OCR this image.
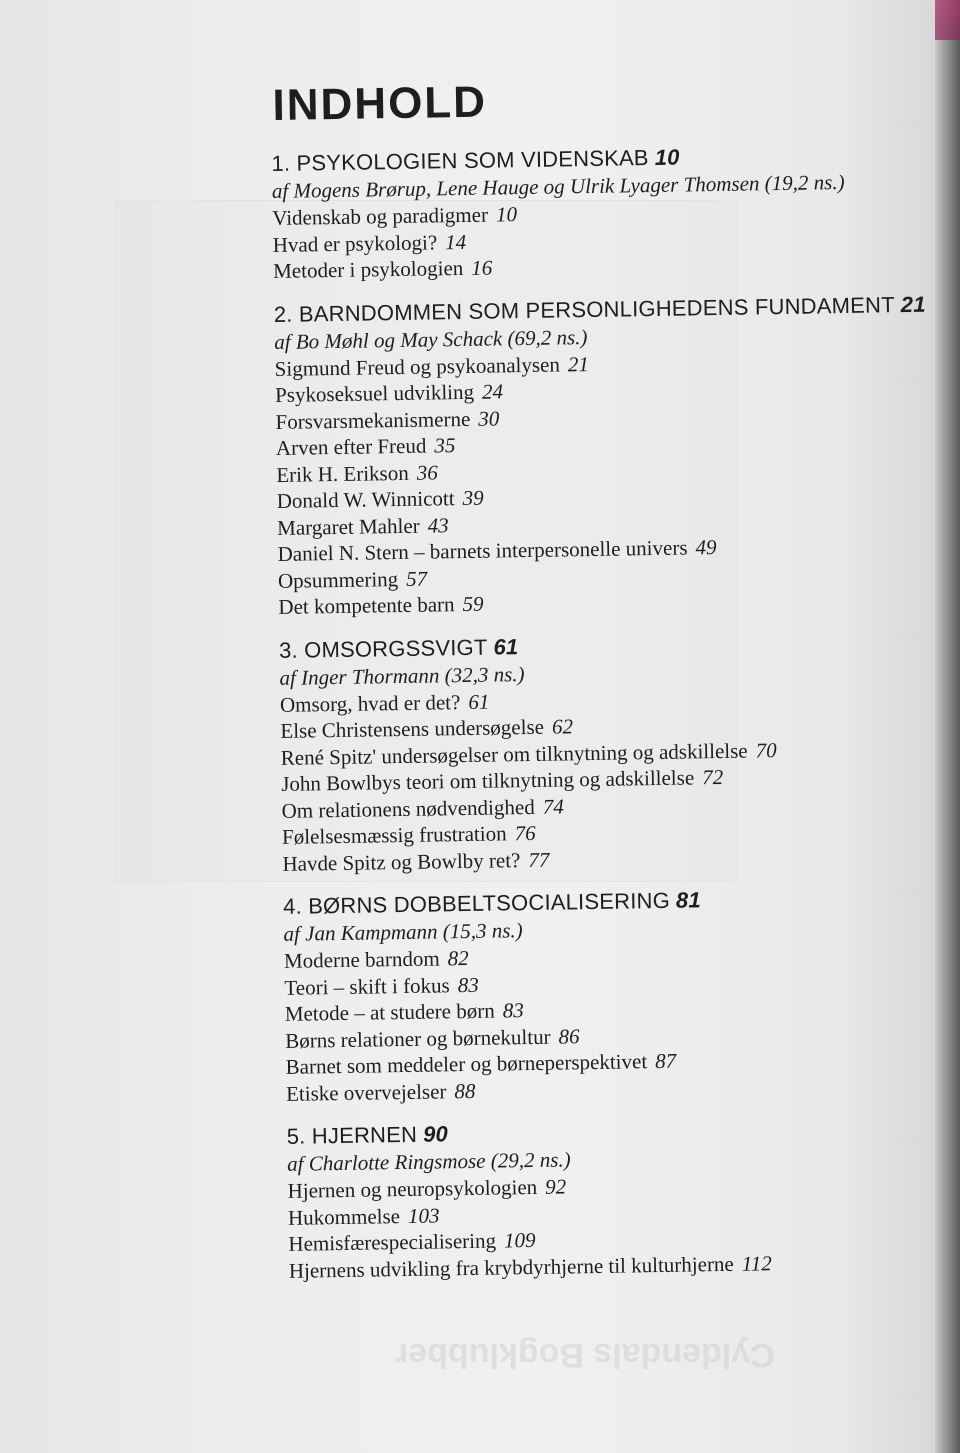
Cyldendals Bogklubber
INDHOLD
1. PSYKOLOGIEN SOM VIDENSKAB 10
af Mogens Brørup, Lene Hauge og Ulrik Lyager Thomsen (19,2 ns.)
Videnskab og paradigmer 10
Hvad er psykologi? 14
Metoder i psykologien 16
2. BARNDOMMEN SOM PERSONLIGHEDENS FUNDAMENT 21
af Bo Møhl og May Schack (69,2 ns.)
Sigmund Freud og psykoanalysen 21
Psykoseksuel udvikling 24
Forsvarsmekanismerne 30
Arven efter Freud 35
Erik H. Erikson 36
Donald W. Winnicott 39
Margaret Mahler 43
Daniel N. Stern – barnets interpersonelle univers 49
Opsummering 57
Det kompetente barn 59
3. OMSORGSSVIGT 61
af Inger Thormann (32,3 ns.)
Omsorg, hvad er det? 61
Else Christensens undersøgelse 62
René Spitz' undersøgelser om tilknytning og adskillelse 70
John Bowlbys teori om tilknytning og adskillelse 72
Om relationens nødvendighed 74
Følelsesmæssig frustration 76
Havde Spitz og Bowlby ret? 77
4. BØRNS DOBBELTSOCIALISERING 81
af Jan Kampmann (15,3 ns.)
Moderne barndom 82
Teori – skift i fokus 83
Metode – at studere børn 83
Børns relationer og børnekultur 86
Barnet som meddeler og børneperspektivet 87
Etiske overvejelser 88
5. HJERNEN 90
af Charlotte Ringsmose (29,2 ns.)
Hjernen og neuropsykologien 92
Hukommelse 103
Hemisfærespecialisering 109
Hjernens udvikling fra krybdyrhjerne til kulturhjerne 112
